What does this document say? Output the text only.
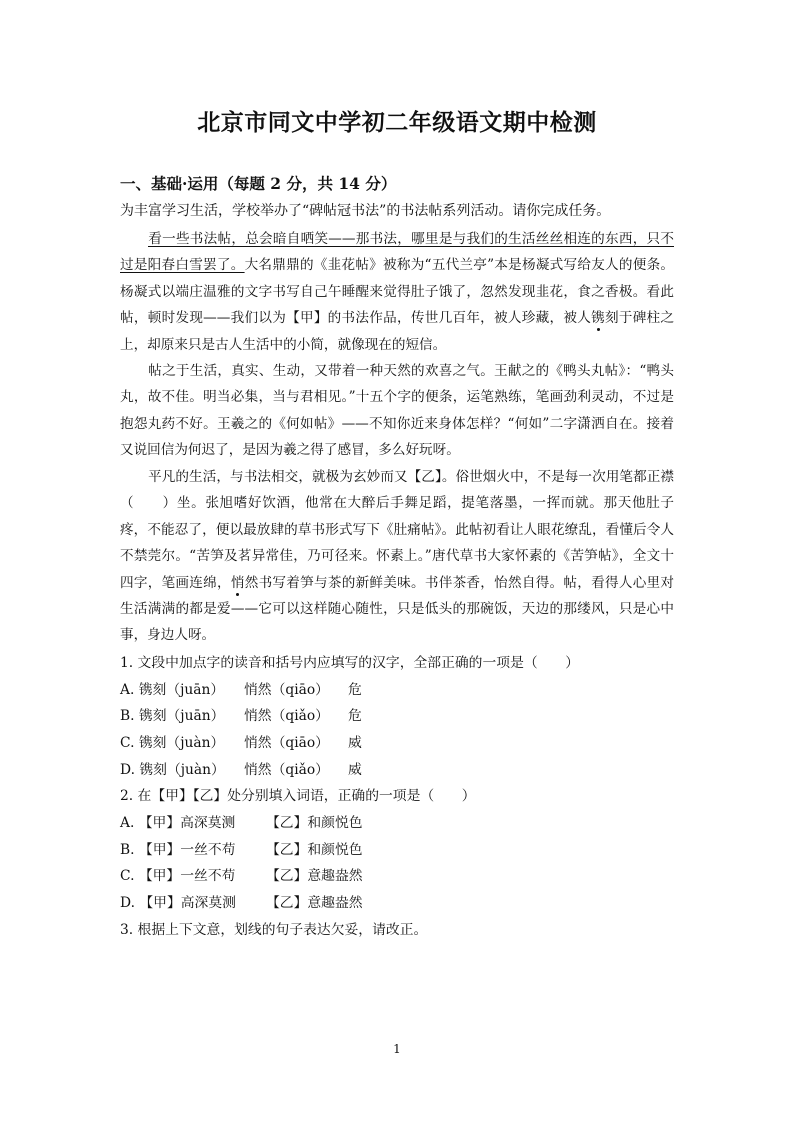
北京市同文中学初二年级语文期中检测
一、基础·运用（每题 2 分，共 14 分）
为丰富学习生活，学校举办了“碑帖冠书法”的书法帖系列活动。请你完成任务。
看一些书法帖，总会暗自哂笑——那书法，哪里是与我们的生活丝丝相连的东西，只不过是阳春白雪罢了。大名鼎鼎的《韭花帖》被称为“五代兰亭”本是杨凝式写给友人的便条。杨凝式以端庄温雅的文字书写自己午睡醒来觉得肚子饿了，忽然发现韭花，食之香极。看此帖，顿时发现——我们以为【甲】的书法作品，传世几百年，被人珍藏，被人镌刻于碑柱之上，却原来只是古人生活中的小简，就像现在的短信。
帖之于生活，真实、生动，又带着一种天然的欢喜之气。王献之的《鸭头丸帖》：“鸭头丸，故不佳。明当必集，当与君相见。”十五个字的便条，运笔熟练，笔画劲利灵动，不过是抱怨丸药不好。王羲之的《何如帖》——不知你近来身体怎样？“何如”二字潇洒自在。接着又说回信为何迟了，是因为羲之得了感冒，多么好玩呀。
平凡的生活，与书法相交，就极为玄妙而又【乙】。俗世烟火中，不是每一次用笔都正襟（　　）坐。张旭嗜好饮酒，他常在大醉后手舞足蹈，提笔落墨，一挥而就。那天他肚子疼，不能忍了，便以最放肆的草书形式写下《肚痛帖》。此帖初看让人眼花缭乱，看懂后令人不禁莞尔。“苦笋及茗异常佳，乃可径来。怀素上。”唐代草书大家怀素的《苦笋帖》，全文十四字，笔画连绵，悄然书写着笋与茶的新鲜美味。书伴茶香，怡然自得。帖，看得人心里对生活满满的都是爱——它可以这样随心随性，只是低头的那碗饭，天边的那缕风，只是心中事，身边人呀。
1. 文段中加点字的读音和括号内应填写的汉字，全部正确的一项是（　　）
A. 镌刻（juān） 悄然（qiāo） 危
B. 镌刻（juān） 悄然（qiǎo） 危
C. 镌刻（juàn） 悄然（qiāo） 威
D. 镌刻（juàn） 悄然（qiǎo） 威
2. 在【甲】【乙】处分别填入词语，正确的一项是（　　）
A. 【甲】高深莫测 【乙】和颜悦色
B. 【甲】一丝不苟 【乙】和颜悦色
C. 【甲】一丝不苟 【乙】意趣盎然
D. 【甲】高深莫测 【乙】意趣盎然
3. 根据上下文意，划线的句子表达欠妥，请改正。
1
